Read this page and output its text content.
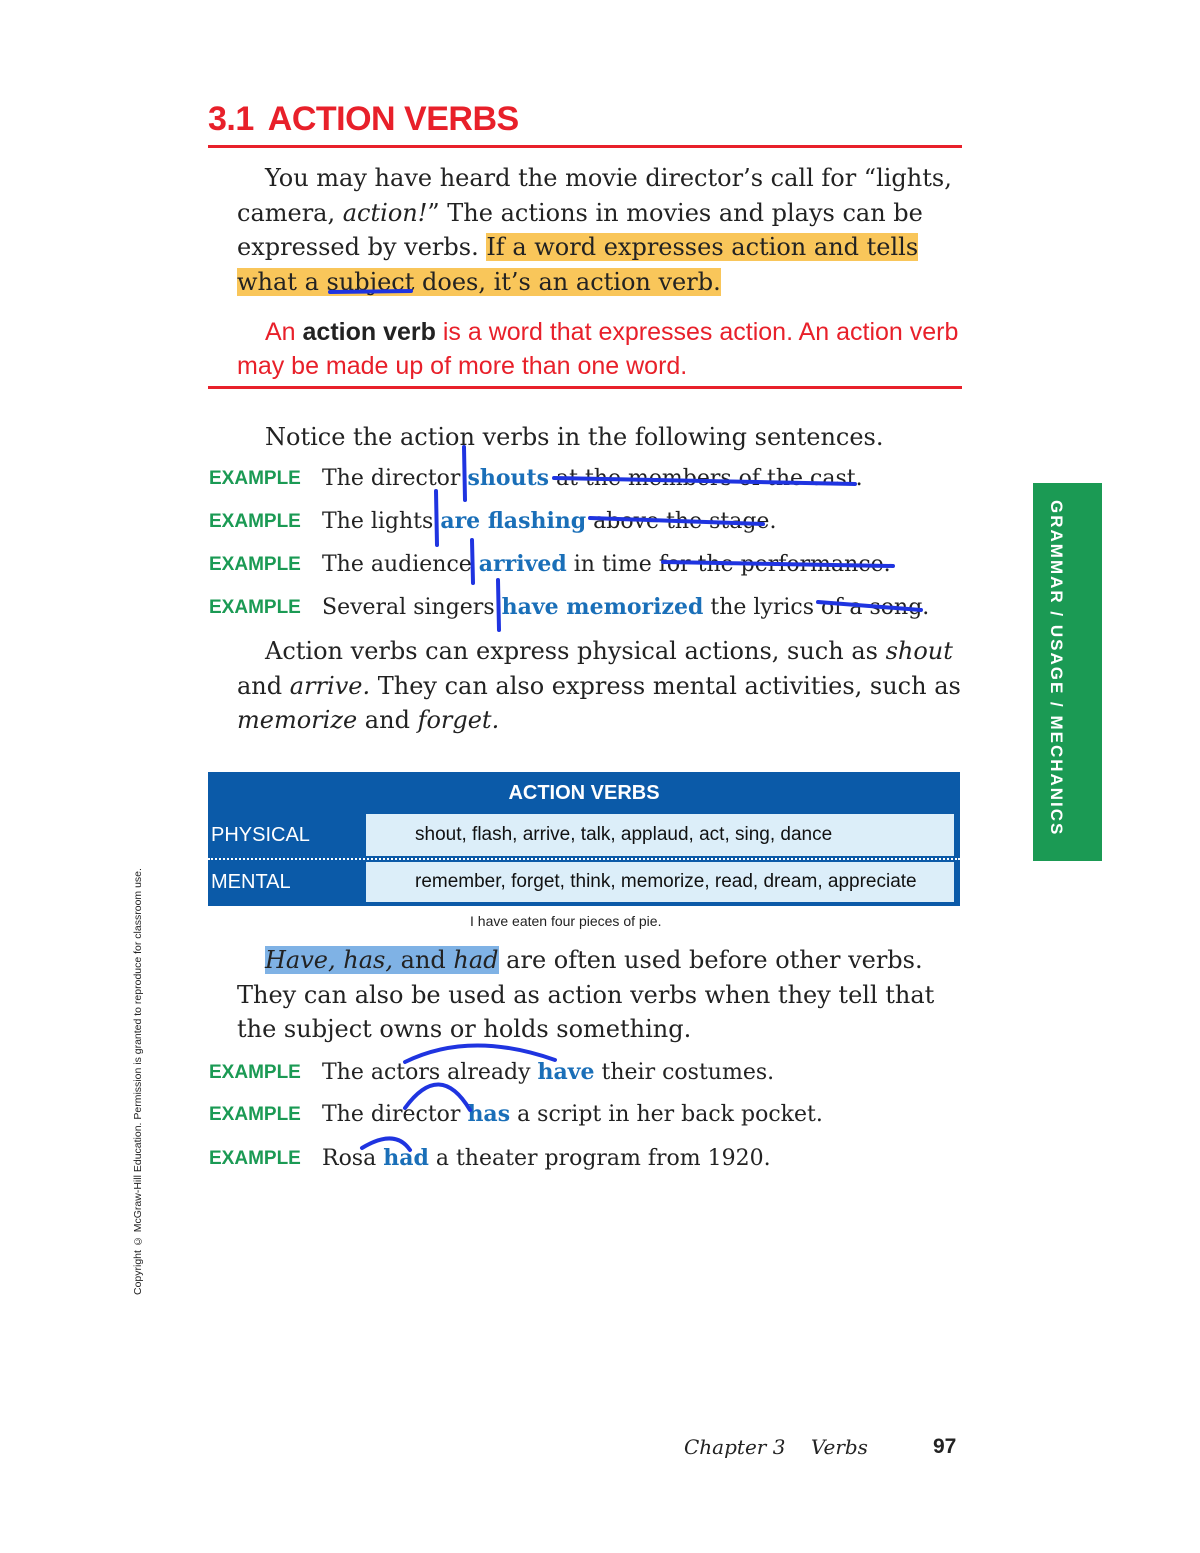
3.1 ACTION VERBS
You may have heard the movie director’s call for “lights,
camera, action!” The actions in movies and plays can be
expressed by verbs. If a word expresses action and tells
what a subject does, it’s an action verb.
An action verb is a word that expresses action. An action verb
may be made up of more than one word.
Notice the action verbs in the following sentences.
EXAMPLE The director shouts at the members of the cast.
EXAMPLE The lights are flashing above the stage.
EXAMPLE The audience arrived in time for the performance.
EXAMPLE Several singers have memorized the lyrics of a song.
Action verbs can express physical actions, such as shout
and arrive. They can also express mental activities, such as
memorize and forget.
ACTION VERBS
PHYSICAL	shout, flash, arrive, talk, applaud, act, sing, dance
MENTAL	remember, forget, think, memorize, read, dream, appreciate
I have eaten four pieces of pie.
Have, has, and had are often used before other verbs.
They can also be used as action verbs when they tell that
the subject owns or holds something.
EXAMPLE The actors already have their costumes.
EXAMPLE The director has a script in her back pocket.
EXAMPLE Rosa had a theater program from 1920.
GRAMMAR / USAGE / MECHANICS
Copyright © McGraw-Hill Education. Permission is granted to reproduce for classroom use.
Chapter 3 Verbs	97
